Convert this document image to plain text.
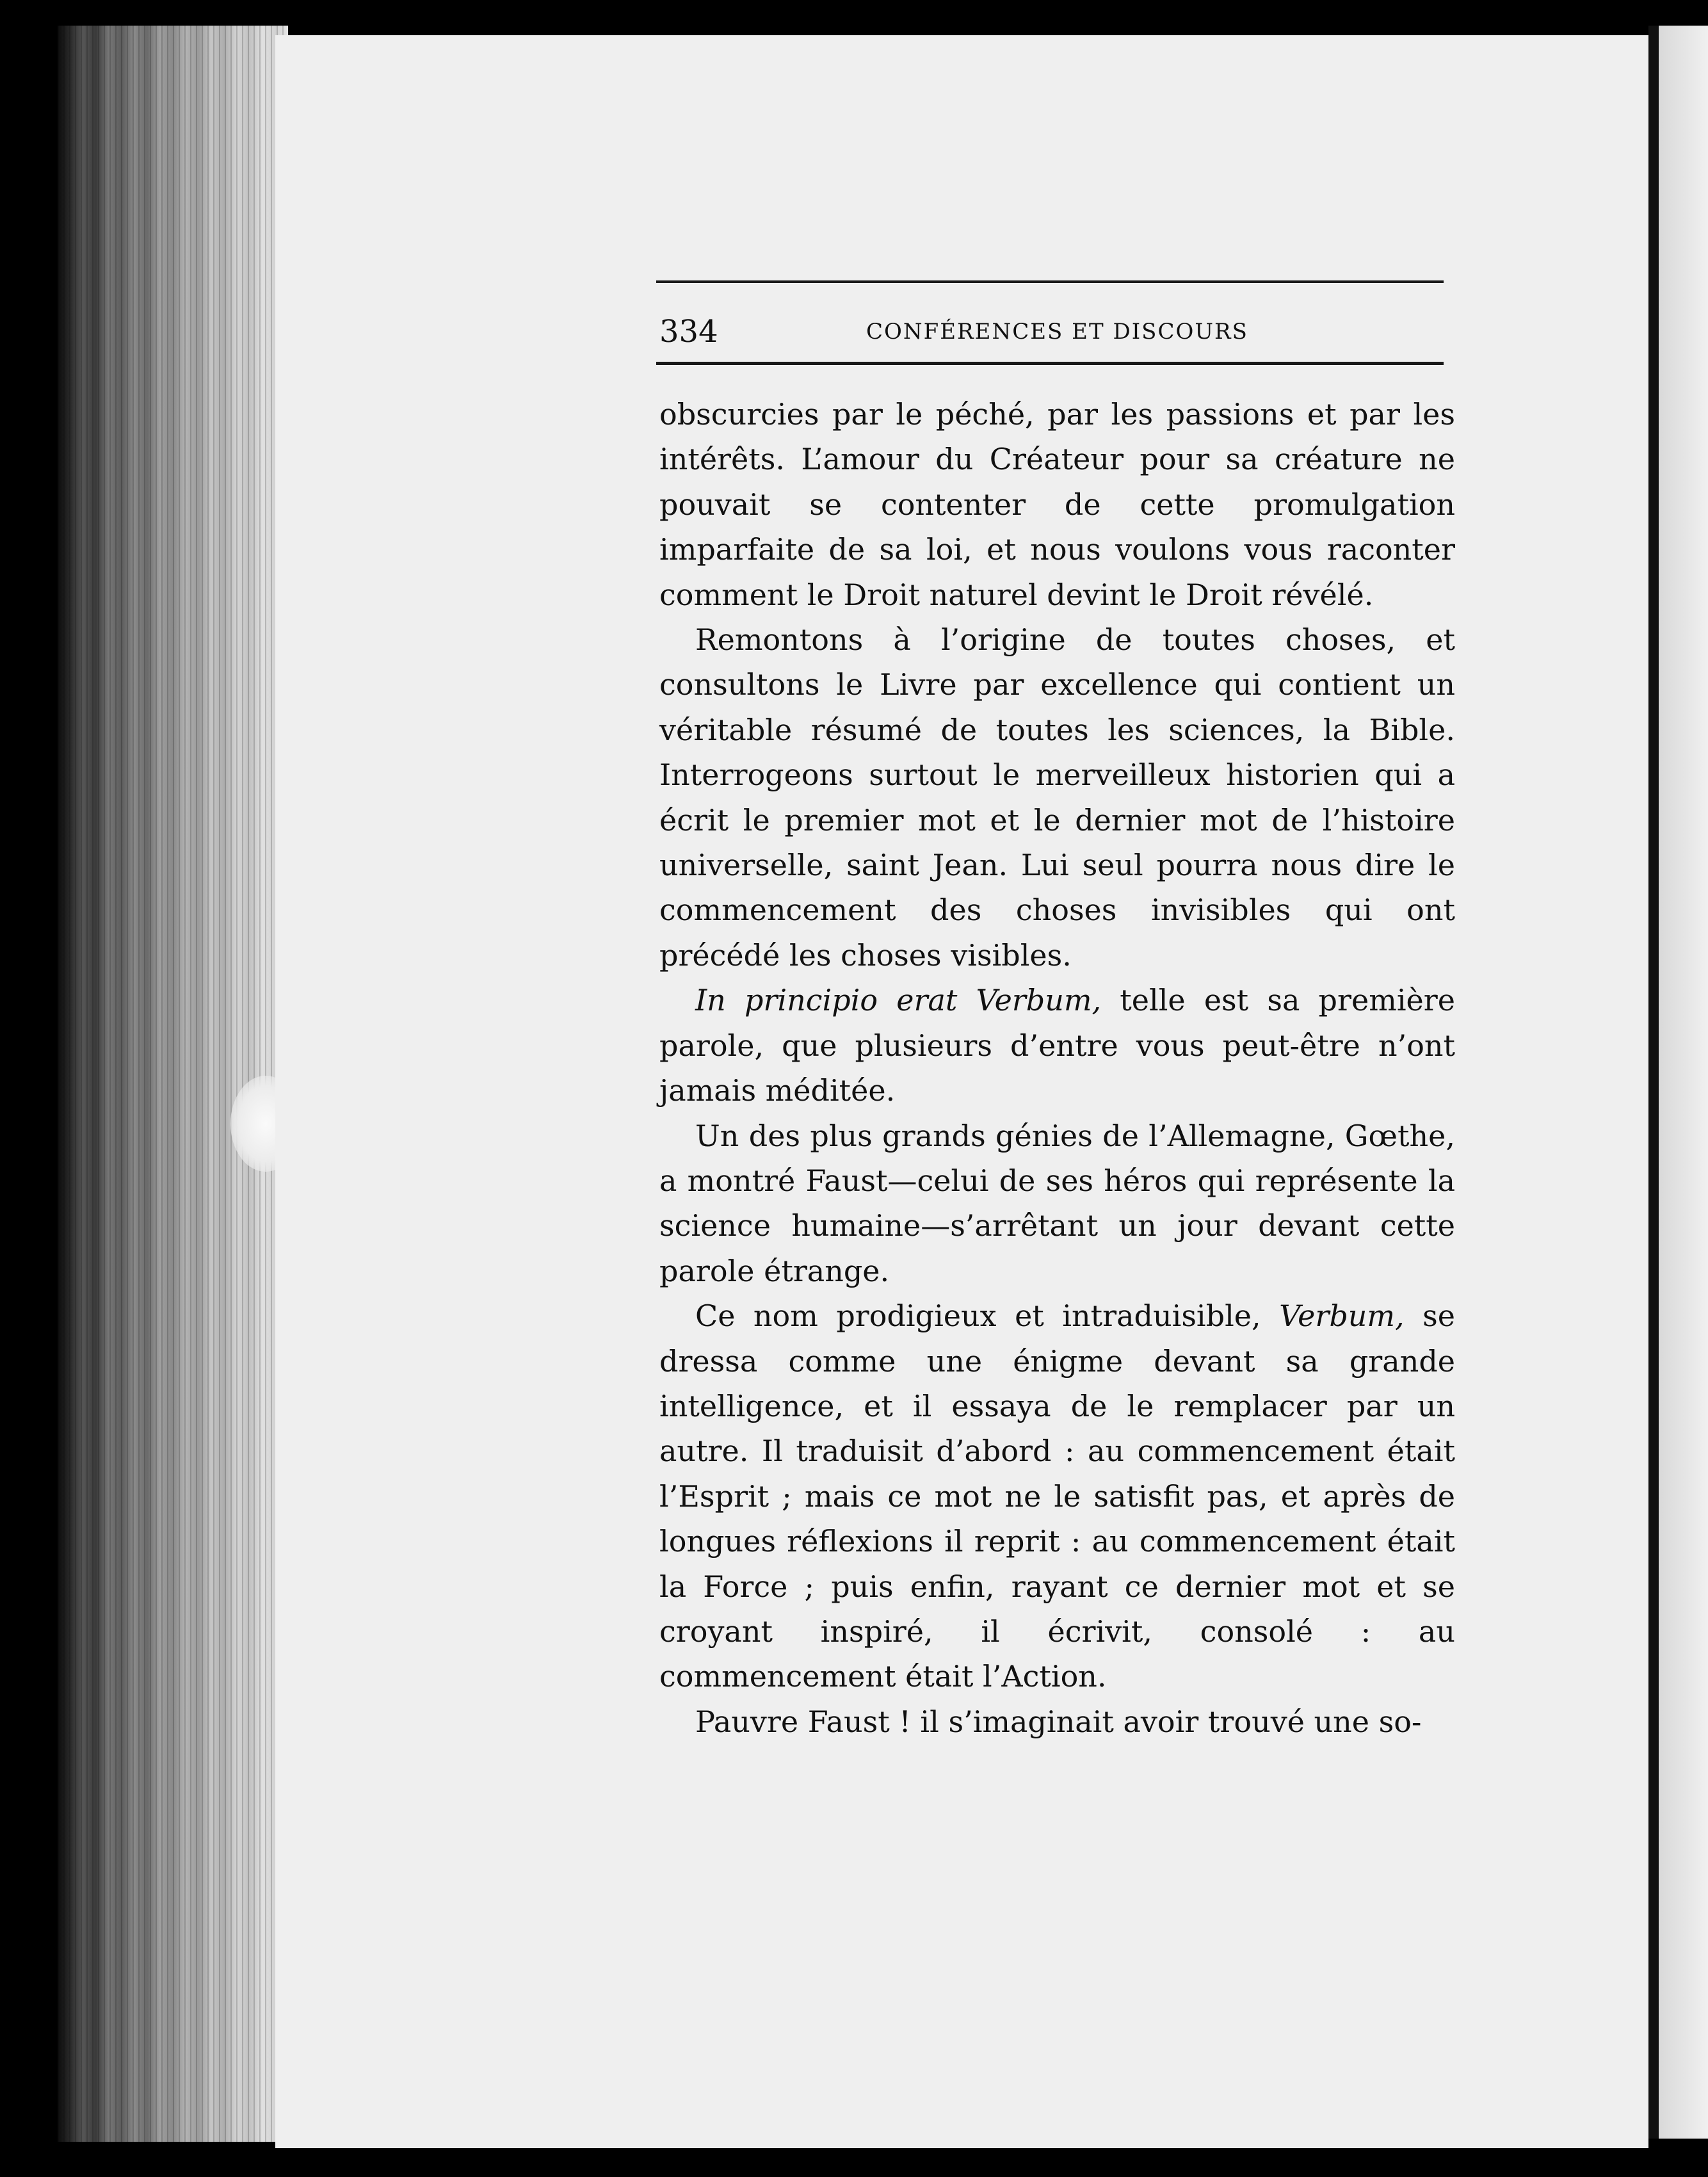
334	CONFÉRENCES ET DISCOURS

obscurcies par le péché, par les passions et par les intérêts. L’amour du Créateur pour sa créature ne pouvait se contenter de cette promulgation imparfaite de sa loi, et nous voulons vous raconter comment le Droit naturel devint le Droit révélé.

Remontons à l’origine de toutes choses, et consultons le Livre par excellence qui contient un véritable résumé de toutes les sciences, la Bible. Interrogeons surtout le merveilleux historien qui a écrit le premier mot et le dernier mot de l’histoire universelle, saint Jean. Lui seul pourra nous dire le commencement des choses invisibles qui ont précédé les choses visibles.

In principio erat Verbum, telle est sa première parole, que plusieurs d’entre vous peut-être n’ont jamais méditée.

Un des plus grands génies de l’Allemagne, Gœthe, a montré Faust—celui de ses héros qui représente la science humaine—s’arrêtant un jour devant cette parole étrange.

Ce nom prodigieux et intraduisible, Verbum, se dressa comme une énigme devant sa grande intelligence, et il essaya de le remplacer par un autre. Il traduisit d’abord : au commencement était l’Esprit ; mais ce mot ne le satisfit pas, et après de longues réflexions il reprit : au commencement était la Force ; puis enfin, rayant ce dernier mot et se croyant inspiré, il écrivit, consolé : au commencement était l’Action.

Pauvre Faust ! il s’imaginait avoir trouvé une so-
